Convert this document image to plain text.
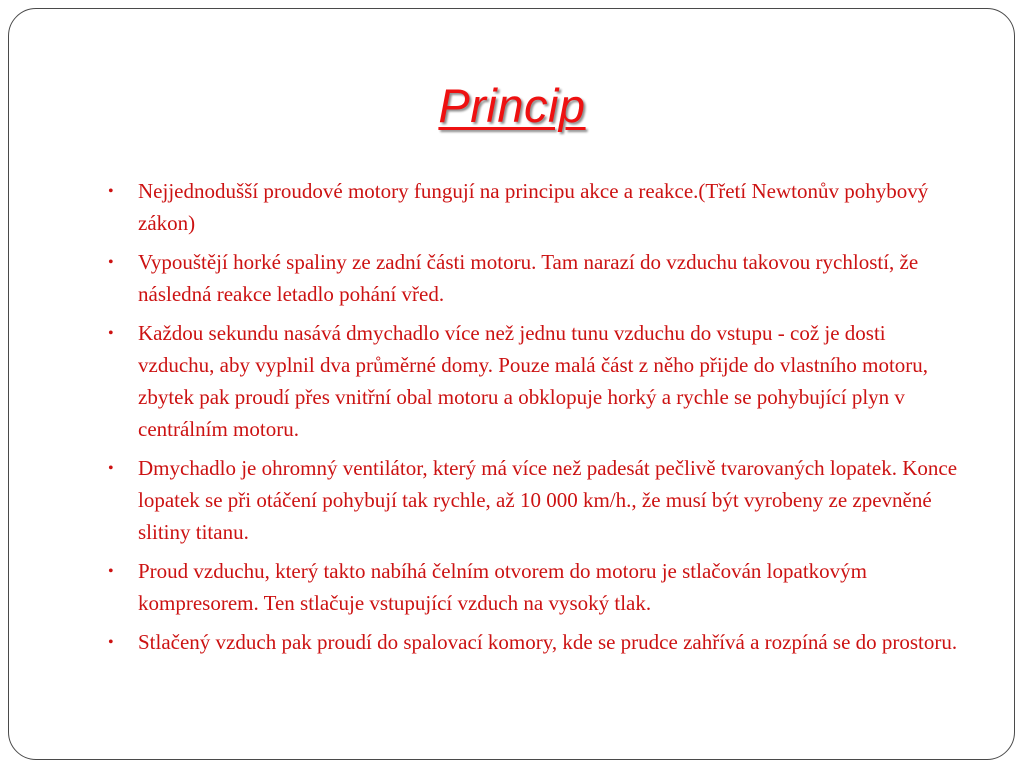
Princip
• Nejjednodušší proudové motory fungují na principu akce a reakce.(Třetí Newtonův pohybový zákon)
• Vypouštějí horké spaliny ze zadní části motoru. Tam narazí do vzduchu takovou rychlostí, že následná reakce letadlo pohání vřed.
• Každou sekundu nasává dmychadlo více než jednu tunu vzduchu do vstupu - což je dosti vzduchu, aby vyplnil dva průměrné domy. Pouze malá část z něho přijde do vlastního motoru, zbytek pak proudí přes vnitřní obal motoru a obklopuje horký a rychle se pohybující plyn v centrálním motoru.
• Dmychadlo je ohromný ventilátor, který má více než padesát pečlivě tvarovaných lopatek. Konce lopatek se při otáčení pohybují tak rychle, až 10 000 km/h., že musí být vyrobeny ze zpevněné slitiny titanu.
• Proud vzduchu, který takto nabíhá čelním otvorem do motoru je stlačován lopatkovým kompresorem. Ten stlačuje vstupující vzduch na vysoký tlak.
• Stlačený vzduch pak proudí do spalovací komory, kde se prudce zahřívá a rozpíná se do prostoru.
